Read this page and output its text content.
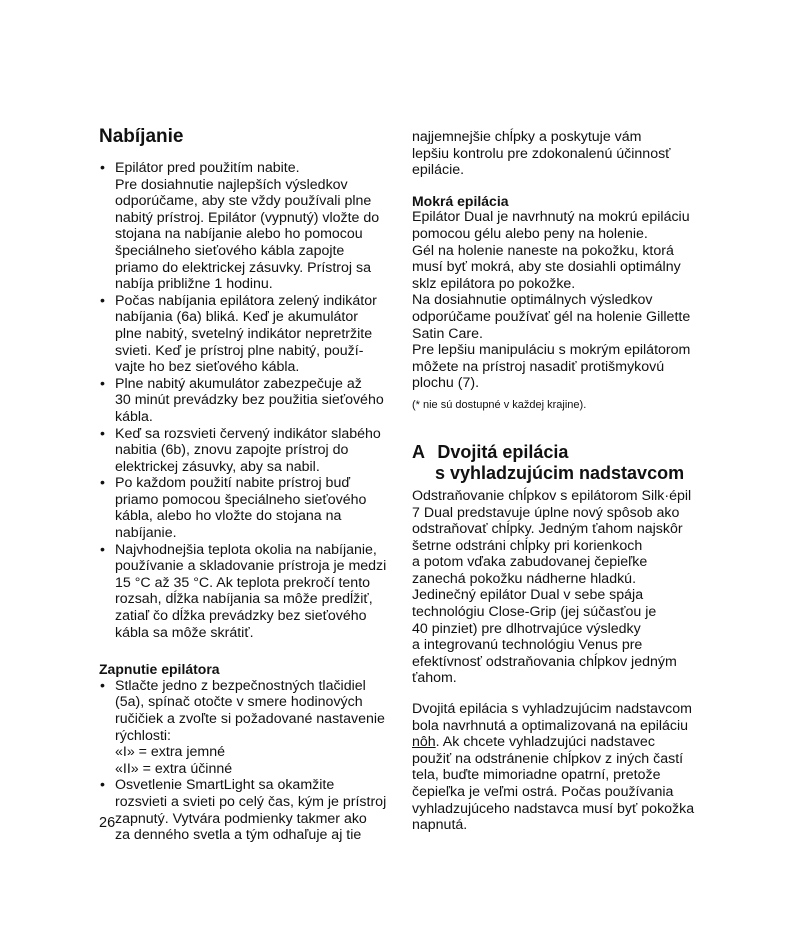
Nabíjanie
• Epilátor pred použitím nabite.
Pre dosiahnutie najlepších výsledkov
odporúčame, aby ste vždy používali plne
nabitý prístroj. Epilátor (vypnutý) vložte do
stojana na nabíjanie alebo ho pomocou
špeciálneho sieťového kábla zapojte
priamo do elektrickej zásuvky. Prístroj sa
nabíja približne 1 hodinu.
• Počas nabíjania epilátora zelený indikátor
nabíjania (6a) bliká. Keď je akumulátor
plne nabitý, svetelný indikátor nepretržite
svieti. Keď je prístroj plne nabitý, použí-
vajte ho bez sieťového kábla.
• Plne nabitý akumulátor zabezpečuje až
30 minút prevádzky bez použitia sieťového
kábla.
• Keď sa rozsvieti červený indikátor slabého
nabitia (6b), znovu zapojte prístroj do
elektrickej zásuvky, aby sa nabil.
• Po každom použití nabite prístroj buď
priamo pomocou špeciálneho sieťového
kábla, alebo ho vložte do stojana na
nabíjanie.
• Najvhodnejšia teplota okolia na nabíjanie,
používanie a skladovanie prístroja je medzi
15 °C až 35 °C. Ak teplota prekročí tento
rozsah, dĺžka nabíjania sa môže predĺžiť,
zatiaľ čo dĺžka prevádzky bez sieťového
kábla sa môže skrátiť.
Zapnutie epilátora
• Stlačte jedno z bezpečnostných tlačidiel
(5a), spínač otočte v smere hodinových
ručičiek a zvoľte si požadované nastavenie
rýchlosti:
«I» = extra jemné
«II» = extra účinné
• Osvetlenie SmartLight sa okamžite
rozsvieti a svieti po celý čas, kým je prístroj
zapnutý. Vytvára podmienky takmer ako
za denného svetla a tým odhaľuje aj tie
26
najjemnejšie chĺpky a poskytuje vám
lepšiu kontrolu pre zdokonalenú účinnosť
epilácie.
Mokrá epilácia
Epilátor Dual je navrhnutý na mokrú epiláciu
pomocou gélu alebo peny na holenie.
Gél na holenie naneste na pokožku, ktorá
musí byť mokrá, aby ste dosiahli optimálny
sklz epilátora po pokožke.
Na dosiahnutie optimálnych výsledkov
odporúčame používať gél na holenie Gillette
Satin Care.
Pre lepšiu manipuláciu s mokrým epilátorom
môžete na prístroj nasadiť protišmykovú
plochu (7).
(* nie sú dostupné v každej krajine).
A Dvojitá epilácia
s vyhladzujúcim nadstavcom
Odstraňovanie chĺpkov s epilátorom Silk·épil
7 Dual predstavuje úplne nový spôsob ako
odstraňovať chĺpky. Jedným ťahom najskôr
šetrne odstráni chĺpky pri korienkoch
a potom vďaka zabudovanej čepieľke
zanechá pokožku nádherne hladkú.
Jedinečný epilátor Dual v sebe spája
technológiu Close-Grip (jej súčasťou je
40 pinziet) pre dlhotrvajúce výsledky
a integrovanú technológiu Venus pre
efektívnosť odstraňovania chĺpkov jedným
ťahom.
Dvojitá epilácia s vyhladzujúcim nadstavcom
bola navrhnutá a optimalizovaná na epiláciu
nôh. Ak chcete vyhladzujúci nadstavec
použiť na odstránenie chĺpkov z iných častí
tela, buďte mimoriadne opatrní, pretože
čepieľka je veľmi ostrá. Počas používania
vyhladzujúceho nadstavca musí byť pokožka
napnutá.
